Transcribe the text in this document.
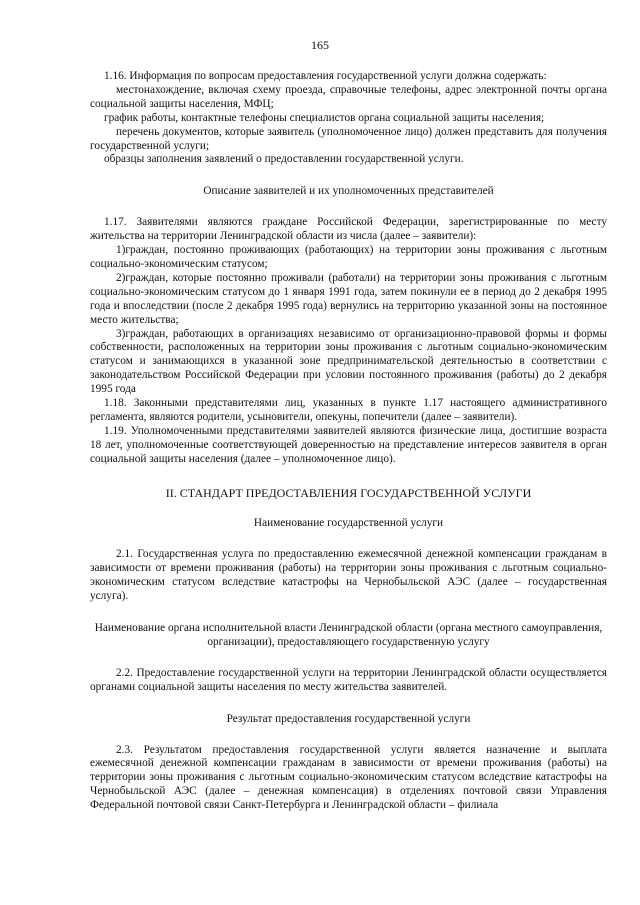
165

1.16. Информация по вопросам предоставления государственной услуги должна содержать:

местонахождение, включая схему проезда, справочные телефоны, адрес электронной почты органа социальной защиты населения, МФЦ;

график работы, контактные телефоны специалистов органа социальной защиты населения;

перечень документов, которые заявитель (уполномоченное лицо) должен представить для получения государственной услуги;

образцы заполнения заявлений о предоставлении государственной услуги.

Описание заявителей и их уполномоченных представителей

1.17. Заявителями являются граждане Российской Федерации, зарегистрированные по месту жительства на территории Ленинградской области из числа (далее – заявители):

1)граждан, постоянно проживающих (работающих) на территории зоны проживания с льготным социально-экономическим статусом;

2)граждан, которые постоянно проживали (работали) на территории зоны проживания с льготным социально-экономическим статусом до 1 января 1991 года, затем покинули ее в период до 2 декабря 1995 года и впоследствии (после 2 декабря 1995 года) вернулись на территорию указанной зоны на постоянное место жительства;

3)граждан, работающих в организациях независимо от организационно-правовой формы и формы собственности, расположенных на территории зоны проживания с льготным социально-экономическим статусом и занимающихся в указанной зоне предпринимательской деятельностью в соответствии с законодательством Российской Федерации при условии постоянного проживания (работы) до 2 декабря 1995 года

1.18. Законными представителями лиц, указанных в пункте 1.17 настоящего административного регламента, являются родители, усыновители, опекуны, попечители (далее – заявители).

1.19. Уполномоченными представителями заявителей являются физические лица, достигшие возраста 18 лет, уполномоченные соответствующей доверенностью на представление интересов заявителя в орган социальной защиты населения (далее – уполномоченное лицо).

II. СТАНДАРТ ПРЕДОСТАВЛЕНИЯ ГОСУДАРСТВЕННОЙ УСЛУГИ

Наименование государственной услуги

2.1. Государственная услуга по предоставлению ежемесячной денежной компенсации гражданам в зависимости от времени проживания (работы) на территории зоны проживания с льготным социально-экономическим статусом вследствие катастрофы на Чернобыльской АЭС (далее – государственная услуга).

Наименование органа исполнительной власти Ленинградской области (органа местного самоуправления, организации), предоставляющего государственную услугу

2.2. Предоставление государственной услуги на территории Ленинградской области осуществляется органами социальной защиты населения по месту жительства заявителей.

Результат предоставления государственной услуги

2.3. Результатом предоставления государственной услуги является назначение и выплата ежемесячной денежной компенсации гражданам в зависимости от времени проживания (работы) на территории зоны проживания с льготным социально-экономическим статусом вследствие катастрофы на Чернобыльской АЭС (далее – денежная компенсация) в отделениях почтовой связи Управления Федеральной почтовой связи Санкт-Петербурга и Ленинградской области – филиала
